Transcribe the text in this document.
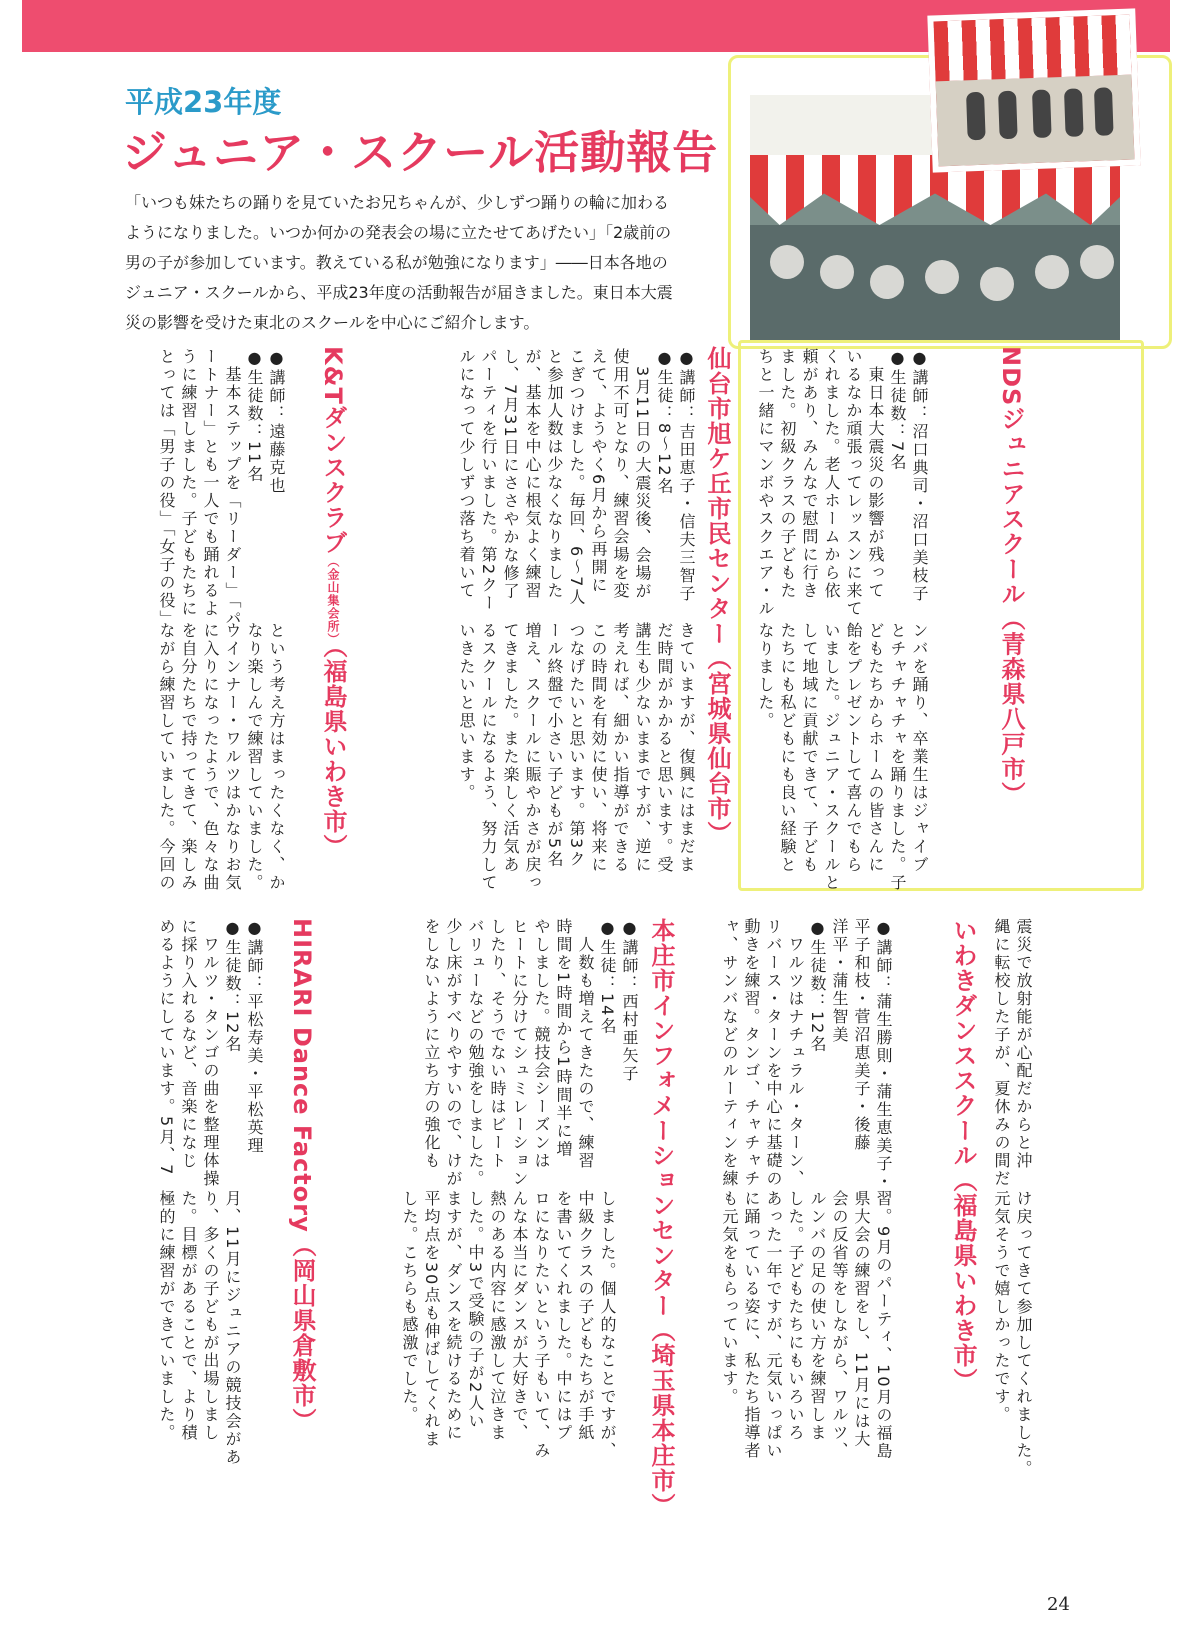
平成23年度

ジュニア・スクール活動報告

「いつも妹たちの踊りを見ていたお兄ちゃんが、少しずつ踊りの輪に加わるようになりました。いつか何かの発表会の場に立たせてあげたい」「2歳前の男の子が参加しています。教えている私が勉強になります」――日本各地のジュニア・スクールから、平成23年度の活動報告が届きました。東日本大震災の影響を受けた東北のスクールを中心にご紹介します。

NDSジュニアスクール（青森県八戸市）

●講師：沼口典司・沼口美枝子
●生徒数：7名
　東日本大震災の影響が残って
いるなか頑張ってレッスンに来て
くれました。老人ホームから依
頼があり、みんなで慰問に行き
ました。初級クラスの子どもた
ちと一緒にマンボやスクエア・ル

ンバを踊り、卒業生はジャイブ
とチャチャチャを踊りました。子
どもたちからホームの皆さんに
飴をプレゼントして喜んでもら
いました。ジュニア・スクールと
して地域に貢献できて、子ども
たちにも私どもにも良い経験と
なりました。

仙台市旭ケ丘市民センター（宮城県仙台市）

●講師：吉田恵子・信夫三智子
●生徒：8～12名
　3月11日の大震災後、会場が
使用不可となり、練習会場を変
えて、ようやく6月から再開に
こぎつけました。毎回、6～7人
と参加人数は少なくなりました
が、基本を中心に根気よく練習
し、7月31日にささやかな修了
パーティを行いました。第2クー
ルになって少しずつ落ち着いて

きていますが、復興にはまだま
だ時間がかかると思います。受
講生も少ないままですが、逆に
考えれば、細かい指導ができる
この時間を有効に使い、将来に
つなげたいと思います。第3ク
ール終盤で小さい子どもが5名
増え、スクールに賑やかさが戻っ
てきました。また楽しく活気あ
るスクールになるよう、努力して
いきたいと思います。

K&Tダンスクラブ（金山集会所）（福島県いわき市）

●講師：遠藤克也
●生徒数：11名
　基本ステップを「リーダー」「パ
ートナー」とも一人でも踊れるよ
うに練習しました。子どもたちに
とっては「男子の役」「女子の役」

という考え方はまったくなく、か
なり楽しんで練習していました。
ウインナー・ワルツはかなりお気
に入りになったようで、色々な曲
を自分たちで持ってきて、楽しみ
ながら練習していました。今回の

震災で放射能が心配だからと沖
縄に転校した子が、夏休みの間だ

け戻ってきて参加してくれました。
元気そうで嬉しかったです。

いわきダンススクール（福島県いわき市）

●講師：蒲生勝則・蒲生恵美子・
平子和枝・菅沼恵美子・後藤
洋平・蒲生智美
●生徒数：12名
　ワルツはナチュラル・ターン、
リバース・ターンを中心に基礎の
動きを練習。タンゴ、チャチャチ
ャ、サンバなどのルーティンを練

習。9月のパーティ、10月の福島
県大会の練習をし、11月には大
会の反省等をしながら、ワルツ、
ルンバの足の使い方を練習しま
した。子どもたちにもいろいろ
あった一年ですが、元気いっぱい
に踊っている姿に、私たち指導者
も元気をもらっています。

本庄市インフォメーションセンター（埼玉県本庄市）

●講師：西村亜矢子
●生徒：14名
　人数も増えてきたので、練習
時間を1時間から1時間半に増
やしました。競技会シーズンは
ヒートに分けてシュミレーション
したり、そうでない時はビート
バリューなどの勉強をしました。
少し床がすべりやすいので、けが
をしないように立ち方の強化も

しました。個人的なことですが、
中級クラスの子どもたちが手紙
を書いてくれました。中にはプ
ロになりたいという子もいて、み
んな本当にダンスが大好きで、
熱のある内容に感激して泣きま
した。中3で受験の子が2人い
ますが、ダンスを続けるために
平均点を30点も伸ばしてくれま
した。こちらも感激でした。

HIRARI Dance Factory（岡山県倉敷市）

●講師：平松寿美・平松英理
●生徒数：12名
　ワルツ・タンゴの曲を整理体操
に採り入れるなど、音楽になじ
めるようにしています。5月、7

月、11月にジュニアの競技会があ
り、多くの子どもが出場しまし
た。目標があることで、より積
極的に練習ができていました。

24
